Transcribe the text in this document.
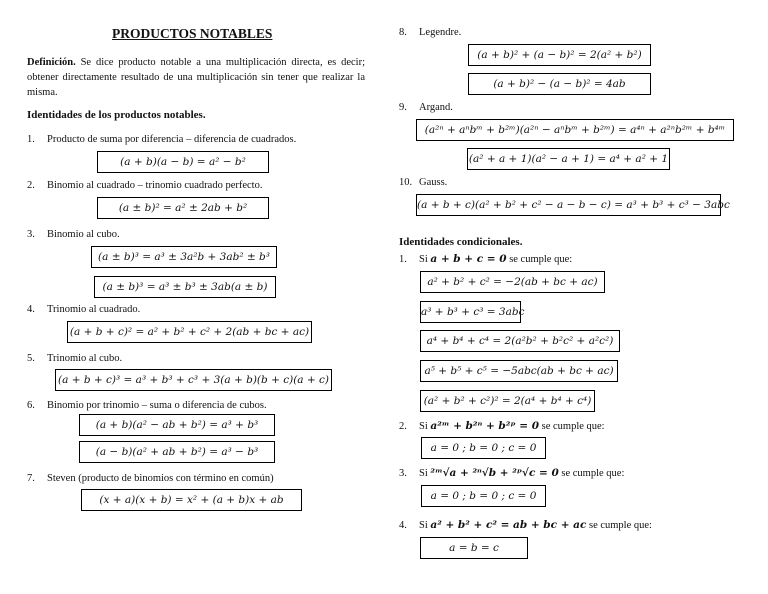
PRODUCTOS NOTABLES
Definición. Se dice producto notable a una multiplicación directa, es decir; obtener directamente resultado de una multiplicación sin tener que realizar la misma.
Identidades de los productos notables.
1. Producto de suma por diferencia – diferencia de cuadrados.
(a + b)(a − b) = a² − b²
2. Binomio al cuadrado – trinomio cuadrado perfecto.
(a ± b)² = a² ± 2ab + b²
3. Binomio al cubo.
(a ± b)³ = a³ ± 3a²b + 3ab² ± b³
(a ± b)³ = a³ ± b³ ± 3ab(a ± b)
4. Trinomio al cuadrado.
(a + b + c)² = a² + b² + c² + 2(ab + bc + ac)
5. Trinomio al cubo.
(a + b + c)³ = a³ + b³ + c³ + 3(a + b)(b + c)(a + c)
6. Binomio por trinomio – suma o diferencia de cubos.
(a + b)(a² − ab + b²) = a³ + b³
(a − b)(a² + ab + b²) = a³ − b³
7. Steven (producto de binomios con término en común)
(x + a)(x + b) = x² + (a + b)x + ab
8. Legendre.
(a + b)² + (a − b)² = 2(a² + b²)
(a + b)² − (a − b)² = 4ab
9. Argand.
(a²ⁿ + aⁿbᵐ + b²ᵐ)(a²ⁿ − aⁿbᵐ + b²ᵐ) = a⁴ⁿ + a²ⁿb²ᵐ + b⁴ᵐ
(a² + a + 1)(a² − a + 1) = a⁴ + a² + 1
10. Gauss.
(a + b + c)(a² + b² + c² − a − b − c) = a³ + b³ + c³ − 3abc
Identidades condicionales.
1. Si a + b + c = 0 se cumple que:
a² + b² + c² = −2(ab + bc + ac)
a³ + b³ + c³ = 3abc
a⁴ + b⁴ + c⁴ = 2(a²b² + b²c² + a²c²)
a⁵ + b⁵ + c⁵ = −5abc(ab + bc + ac)
(a² + b² + c²)² = 2(a⁴ + b⁴ + c⁴)
2. Si a²ᵐ + b²ⁿ + b²ᵖ = 0 se cumple que:
a = 0 ; b = 0 ; c = 0
3. Si ²ᵐ√a + ²ⁿ√b + ²ᵖ√c = 0 se cumple que:
a = 0 ; b = 0 ; c = 0
4. Si a² + b² + c² = ab + bc + ac se cumple que:
a = b = c
